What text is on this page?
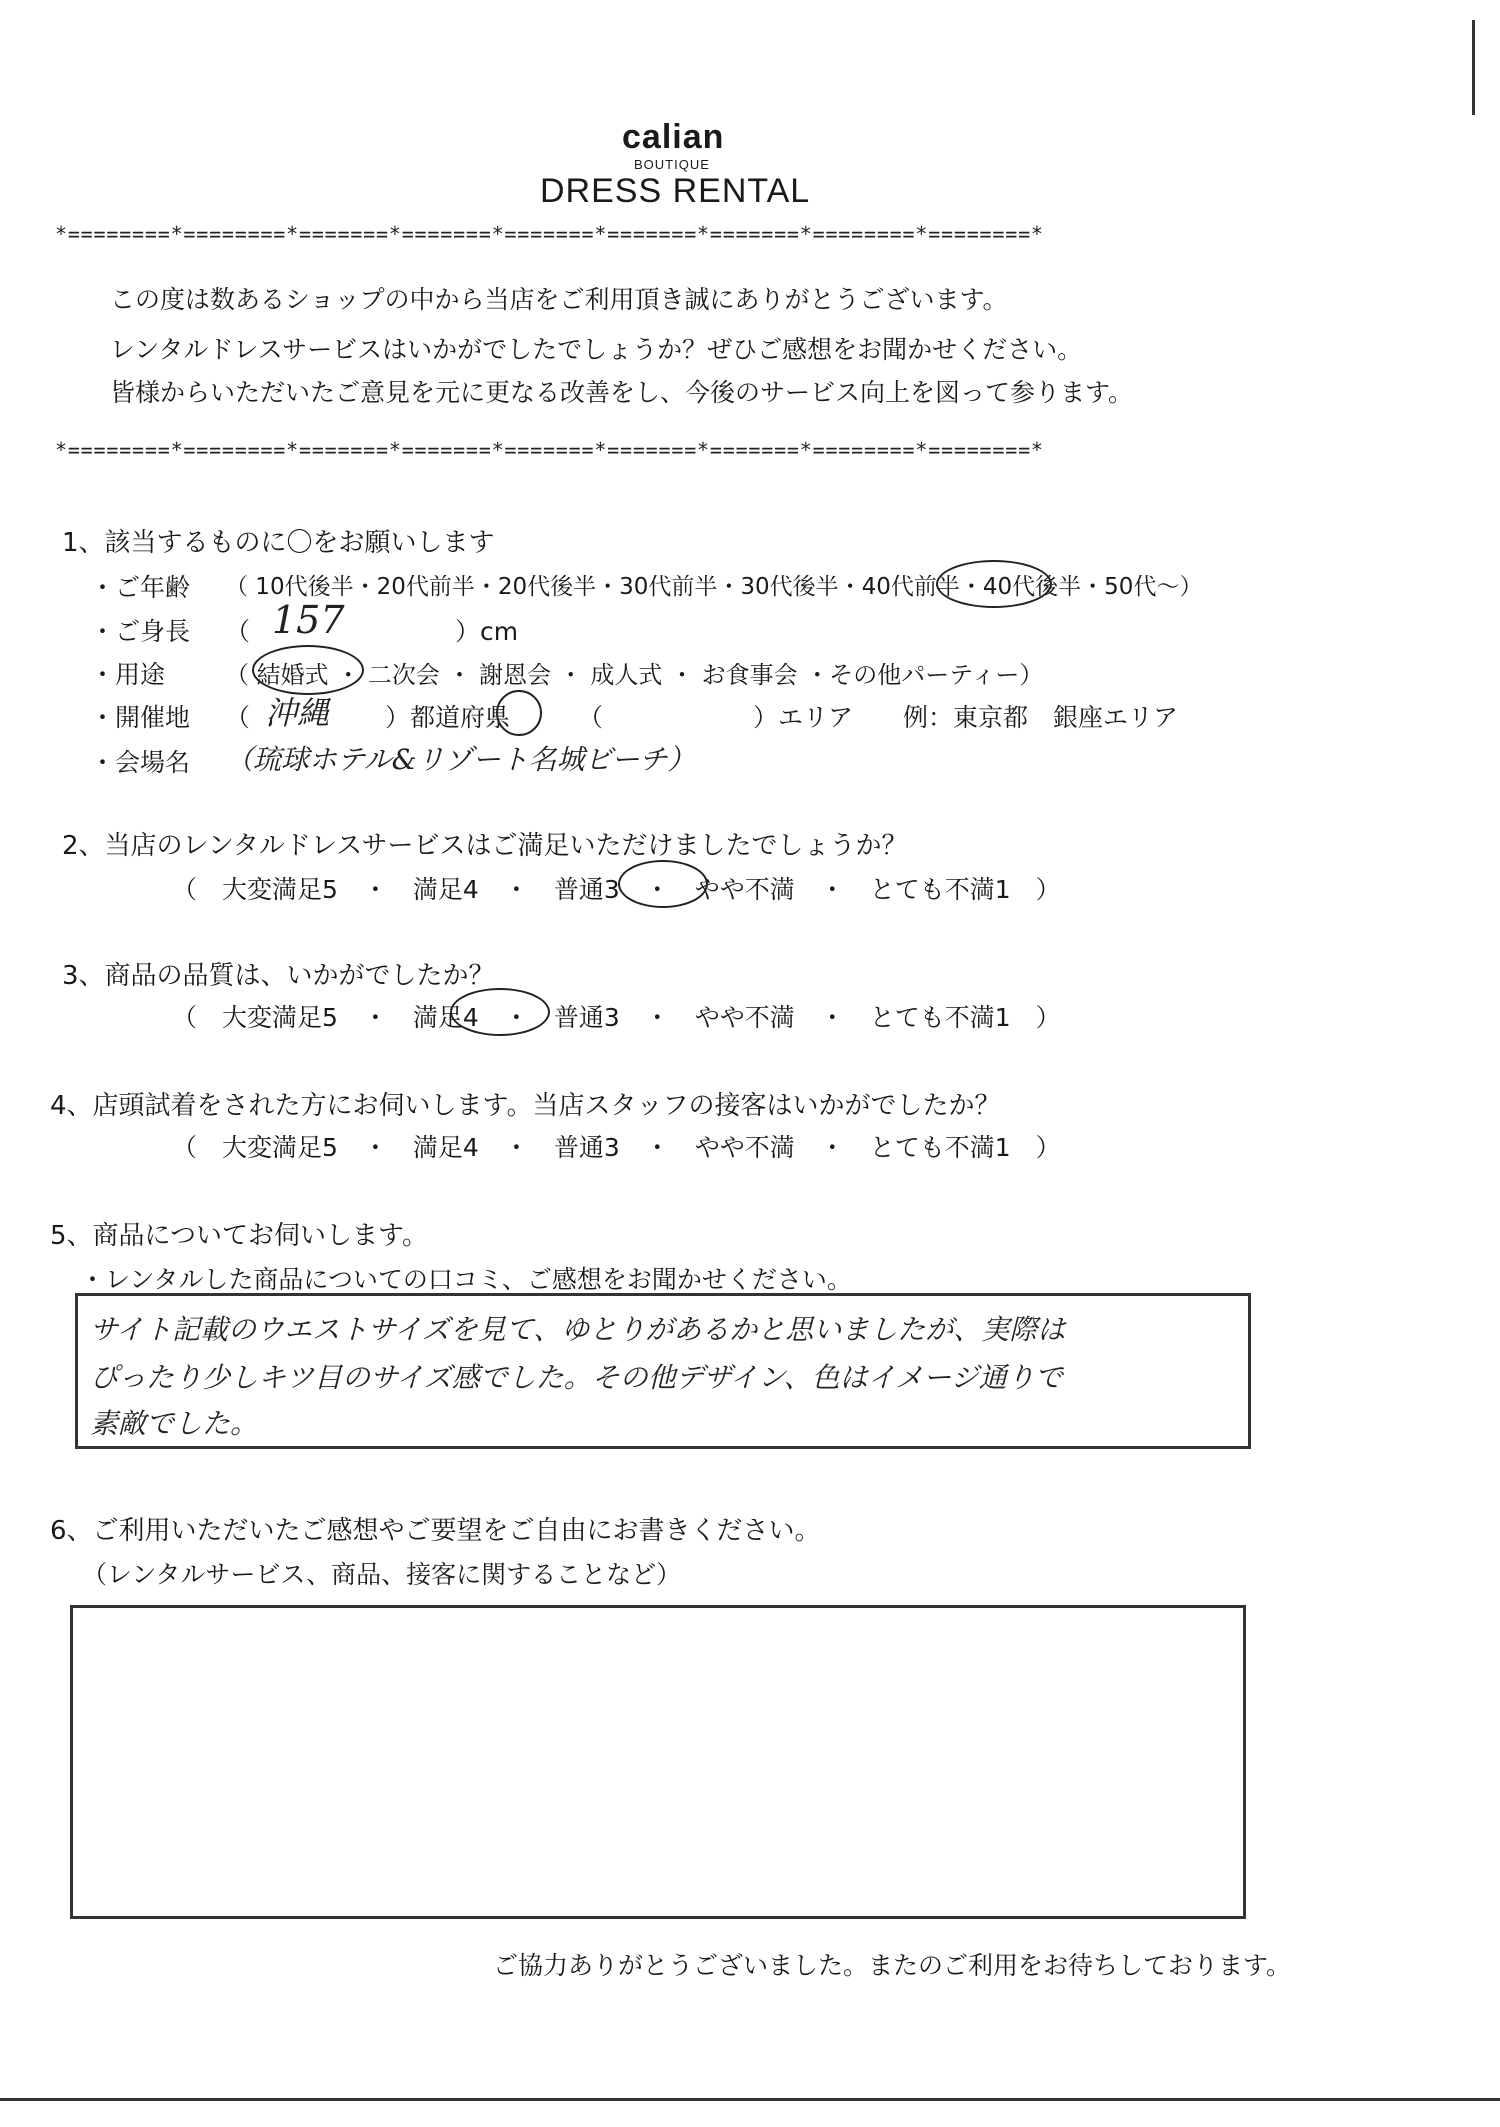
calian
BOUTIQUE
DRESS RENTAL
*========*========*=======*=======*=======*=======*=======*========*========*
この度は数あるショップの中から当店をご利用頂き誠にありがとうございます。
レンタルドレスサービスはいかがでしたでしょうか？ぜひご感想をお聞かせください。
皆様からいただいたご意見を元に更なる改善をし、今後のサービス向上を図って参ります。
*========*========*=======*=======*=======*=======*=======*========*========*
1、該当するものに〇をお願いします
・ご年齢 （ 10代後半・20代前半・20代後半・30代前半・30代後半・40代前半・40代後半・50代〜）
・ご身長 （ 157	）cm
・用途 （ 結婚式 ・ 二次会 ・ 謝恩会 ・ 成人式 ・ お食事会 ・その他パーティー）
・開催地 （ 沖縄 ）都道府県	（　　　　　　）エリア　　例：東京都　銀座エリア
・会場名 （琉球ホテル&リゾート名城ビーチ）
2、当店のレンタルドレスサービスはご満足いただけましたでしょうか？
（　大変満足5　・　満足4　・　普通3　・　やや不満　・　とても不満1　）
3、商品の品質は、いかがでしたか？
（　大変満足5　・　満足4　・　普通3　・　やや不満　・　とても不満1　）
4、店頭試着をされた方にお伺いします。当店スタッフの接客はいかがでしたか？
（　大変満足5　・　満足4　・　普通3　・　やや不満　・　とても不満1　）
5、商品についてお伺いします。
・レンタルした商品についての口コミ、ご感想をお聞かせください。
サイト記載のウエストサイズを見て、ゆとりがあるかと思いましたが、実際は
ぴったり少しキツ目のサイズ感でした。その他デザイン、色はイメージ通りで
素敵でした。
6、ご利用いただいたご感想やご要望をご自由にお書きください。
（レンタルサービス、商品、接客に関することなど）
ご協力ありがとうございました。またのご利用をお待ちしております。
